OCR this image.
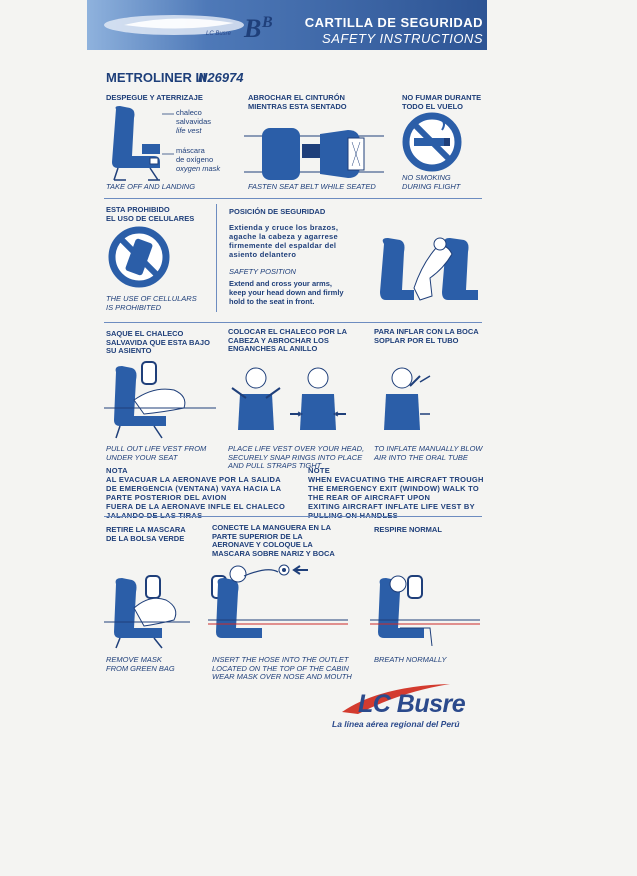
LC Busre B B	CARTILLA DE SEGURIDAD
SAFETY INSTRUCTIONS
METROLINER III
N26974
DESPEGUE Y ATERRIZAJE
chaleco
salvavidas
life vest
máscara
de oxígeno
oxygen mask
TAKE OFF AND LANDING
ABROCHAR EL CINTURÓN
MIENTRAS ESTA SENTADO
FASTEN SEAT BELT WHILE SEATED
NO FUMAR DURANTE
TODO EL VUELO
NO SMOKING
DURING FLIGHT
ESTA PROHIBIDO
EL USO DE CELULARES
THE USE OF CELLULARS
IS PROHIBITED
POSICIÓN DE SEGURIDAD
Extienda y cruce los brazos,
agache la cabeza y agarrese
firmemente del espaldar del
asiento delantero
SAFETY POSITION
Extend and cross your arms,
keep your head down and firmly
hold to the seat in front.
SAQUE EL CHALECO
SALVAVIDA QUE ESTA BAJO
SU ASIENTO
PULL OUT LIFE VEST FROM
UNDER YOUR SEAT
COLOCAR EL CHALECO POR LA
CABEZA Y ABROCHAR LOS
ENGANCHES AL ANILLO
PLACE LIFE VEST OVER YOUR HEAD,
SECURELY SNAP RINGS INTO PLACE
AND PULL STRAPS TIGHT
PARA INFLAR CON LA BOCA
SOPLAR POR EL TUBO
TO INFLATE MANUALLY BLOW
AIR INTO THE ORAL TUBE
NOTA
AL EVACUAR LA AERONAVE POR LA SALIDA
DE EMERGENCIA (VENTANA) VAYA HACIA LA
PARTE POSTERIOR DEL AVION
FUERA DE LA AERONAVE INFLE EL CHALECO
NOTE
WHEN EVACUATING THE AIRCRAFT TROUGH
THE EMERGENCY EXIT (WINDOW) WALK TO
THE REAR OF AIRCRAFT UPON
EXITING AIRCRAFT INFLATE LIFE VEST BY
RETIRE LA MASCARA
DE LA BOLSA VERDE
REMOVE MASK
FROM GREEN BAG
CONECTE LA MANGUERA EN LA
PARTE SUPERIOR DE LA
AERONAVE Y COLOQUE LA
MASCARA SOBRE NARIZ Y BOCA
INSERT THE HOSE INTO THE OUTLET
LOCATED ON THE TOP OF THE CABIN
WEAR MASK OVER NOSE AND MOUTH
RESPIRE NORMAL
BREATH NORMALLY
LC Busre
La línea aérea regional del Perú
